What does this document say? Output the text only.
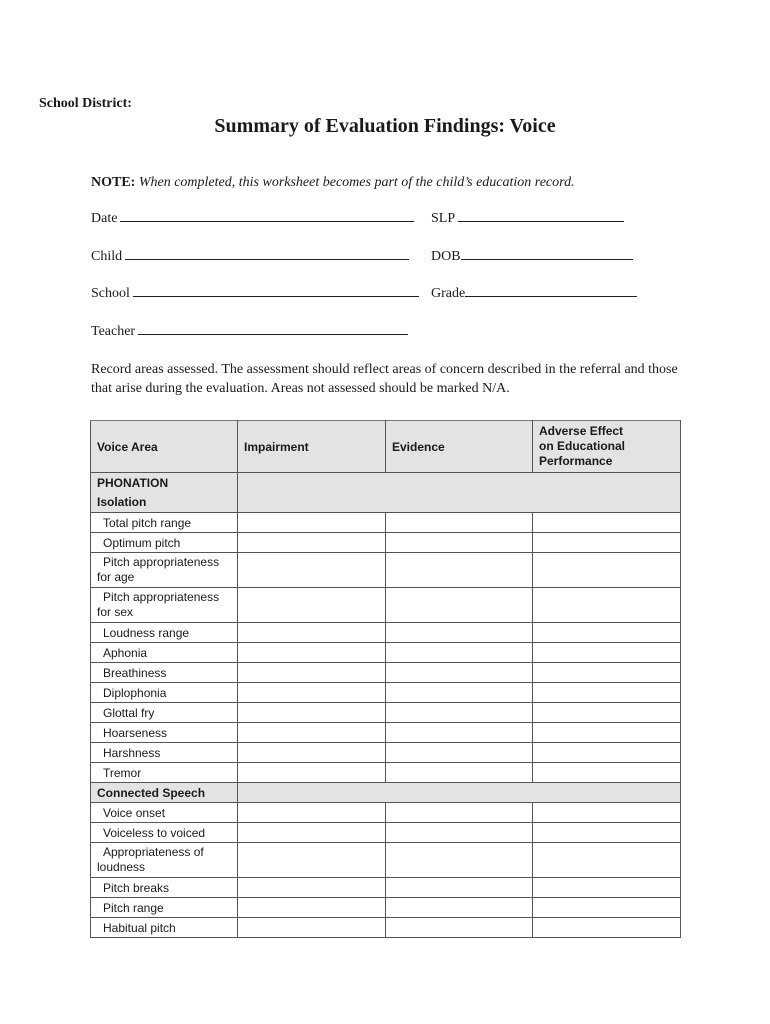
School District:
Summary of Evaluation Findings: Voice
NOTE: When completed, this worksheet becomes part of the child’s education record.
Date	SLP
Child	DOB
School	Grade
Teacher
Record areas assessed. The assessment should reflect areas of concern described in the referral and those that arise during the evaluation. Areas not assessed should be marked N/A.
Voice Area	Impairment	Evidence	Adverse Effect
on Educational
Performance
PHONATION
Isolation			
Total pitch range			
Optimum pitch			
Pitch appropriateness
for age			
Pitch appropriateness
for sex			
Loudness range			
Aphonia			
Breathiness			
Diplophonia			
Glottal fry			
Hoarseness			
Harshness			
Tremor			
Connected Speech			
Voice onset			
Voiceless to voiced			
Appropriateness of
loudness			
Pitch breaks			
Pitch range			
Habitual pitch			
